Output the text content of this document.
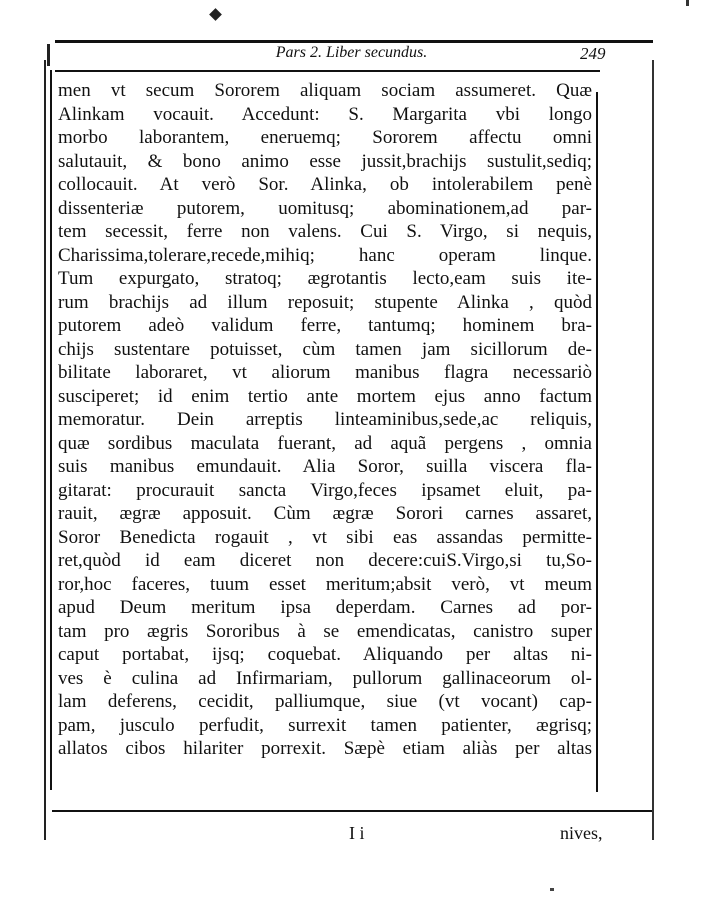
Pars 2. Liber secundus.	249
men vt secum Sororem aliquam sociam assumeret. Quæ
Alinkam vocauit. Accedunt: S. Margarita vbi longo
morbo laborantem, eneruemq; Sororem affectu omni
salutauit, & bono animo esse jussit,brachijs sustulit,sediq;
collocauit. At verò Sor. Alinka, ob intolerabilem penè
dissenteriæ putorem, uomitusq; abominationem,ad par-
tem secessit, ferre non valens. Cui S. Virgo, si nequis,
Charissima,tolerare,recede,mihiq; hanc operam linque.
Tum expurgato, stratoq; ægrotantis lecto,eam suis ite-
rum brachijs ad illum reposuit; stupente Alinka , quòd
putorem adeò validum ferre, tantumq; hominem bra-
chijs sustentare potuisset, cùm tamen jam sicillorum de-
bilitate laboraret, vt aliorum manibus flagra necessariò
susciperet; id enim tertio ante mortem ejus anno factum
memoratur. Dein arreptis linteaminibus,sede,ac reliquis,
quæ sordibus maculata fuerant, ad aquã pergens , omnia
suis manibus emundauit. Alia Soror, suilla viscera fla-
gitarat: procurauit sancta Virgo,feces ipsamet eluit, pa-
rauit, ægræ apposuit. Cùm ægræ Sorori carnes assaret,
Soror Benedicta rogauit , vt sibi eas assandas permitte-
ret,quòd id eam diceret non decere:cuiS.Virgo,si tu,So-
ror,hoc faceres, tuum esset meritum;absit verò, vt meum
apud Deum meritum ipsa deperdam. Carnes ad por-
tam pro ægris Sororibus à se emendicatas, canistro super
caput portabat, ijsq; coquebat. Aliquando per altas ni-
ves è culina ad Infirmariam, pullorum gallinaceorum ol-
lam deferens, cecidit, palliumque, siue (vt vocant) cap-
pam, jusculo perfudit, surrexit tamen patienter, ægrisq;
allatos cibos hilariter porrexit. Sæpè etiam aliàs per altas
I i	nives,
